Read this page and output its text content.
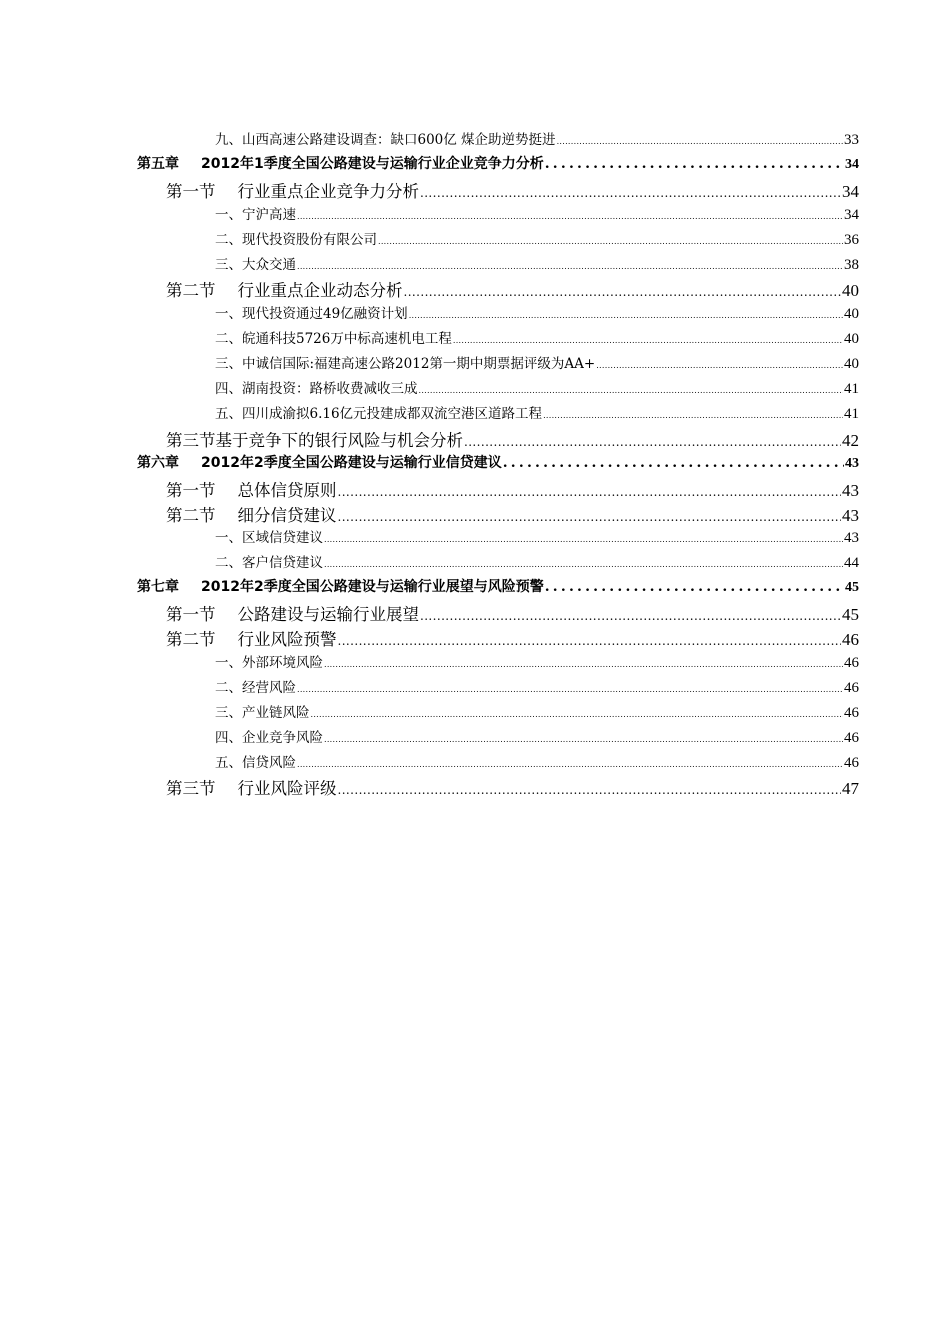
九、山西高速公路建设调查：缺口600亿 煤企助逆势挺进 .....	33
第五章 2012年1季度全国公路建设与运输行业企业竞争力分析 .....	34
第一节 行业重点企业竞争力分析 .....	34
一、宁沪高速 .....	34
二、现代投资股份有限公司 .....	36
三、大众交通 .....	38
第二节 行业重点企业动态分析 .....	40
一、现代投资通过49亿融资计划 .....	40
二、皖通科技5726万中标高速机电工程 .....	40
三、中诚信国际:福建高速公路2012第一期中期票据评级为AA+ .....	40
四、湖南投资：路桥收费减收三成 .....	41
五、四川成渝拟6.16亿元投建成都双流空港区道路工程 .....	41
第三节基于竞争下的银行风险与机会分析 .....	42
第六章 2012年2季度全国公路建设与运输行业信贷建议 .....	43
第一节 总体信贷原则 .....	43
第二节 细分信贷建议 .....	43
一、区域信贷建议 .....	43
二、客户信贷建议 .....	44
第七章 2012年2季度全国公路建设与运输行业展望与风险预警 .....	45
第一节 公路建设与运输行业展望 .....	45
第二节 行业风险预警 .....	46
一、外部环境风险 .....	46
二、经营风险 .....	46
三、产业链风险 .....	46
四、企业竞争风险 .....	46
五、信贷风险 .....	46
第三节 行业风险评级 .....	47
